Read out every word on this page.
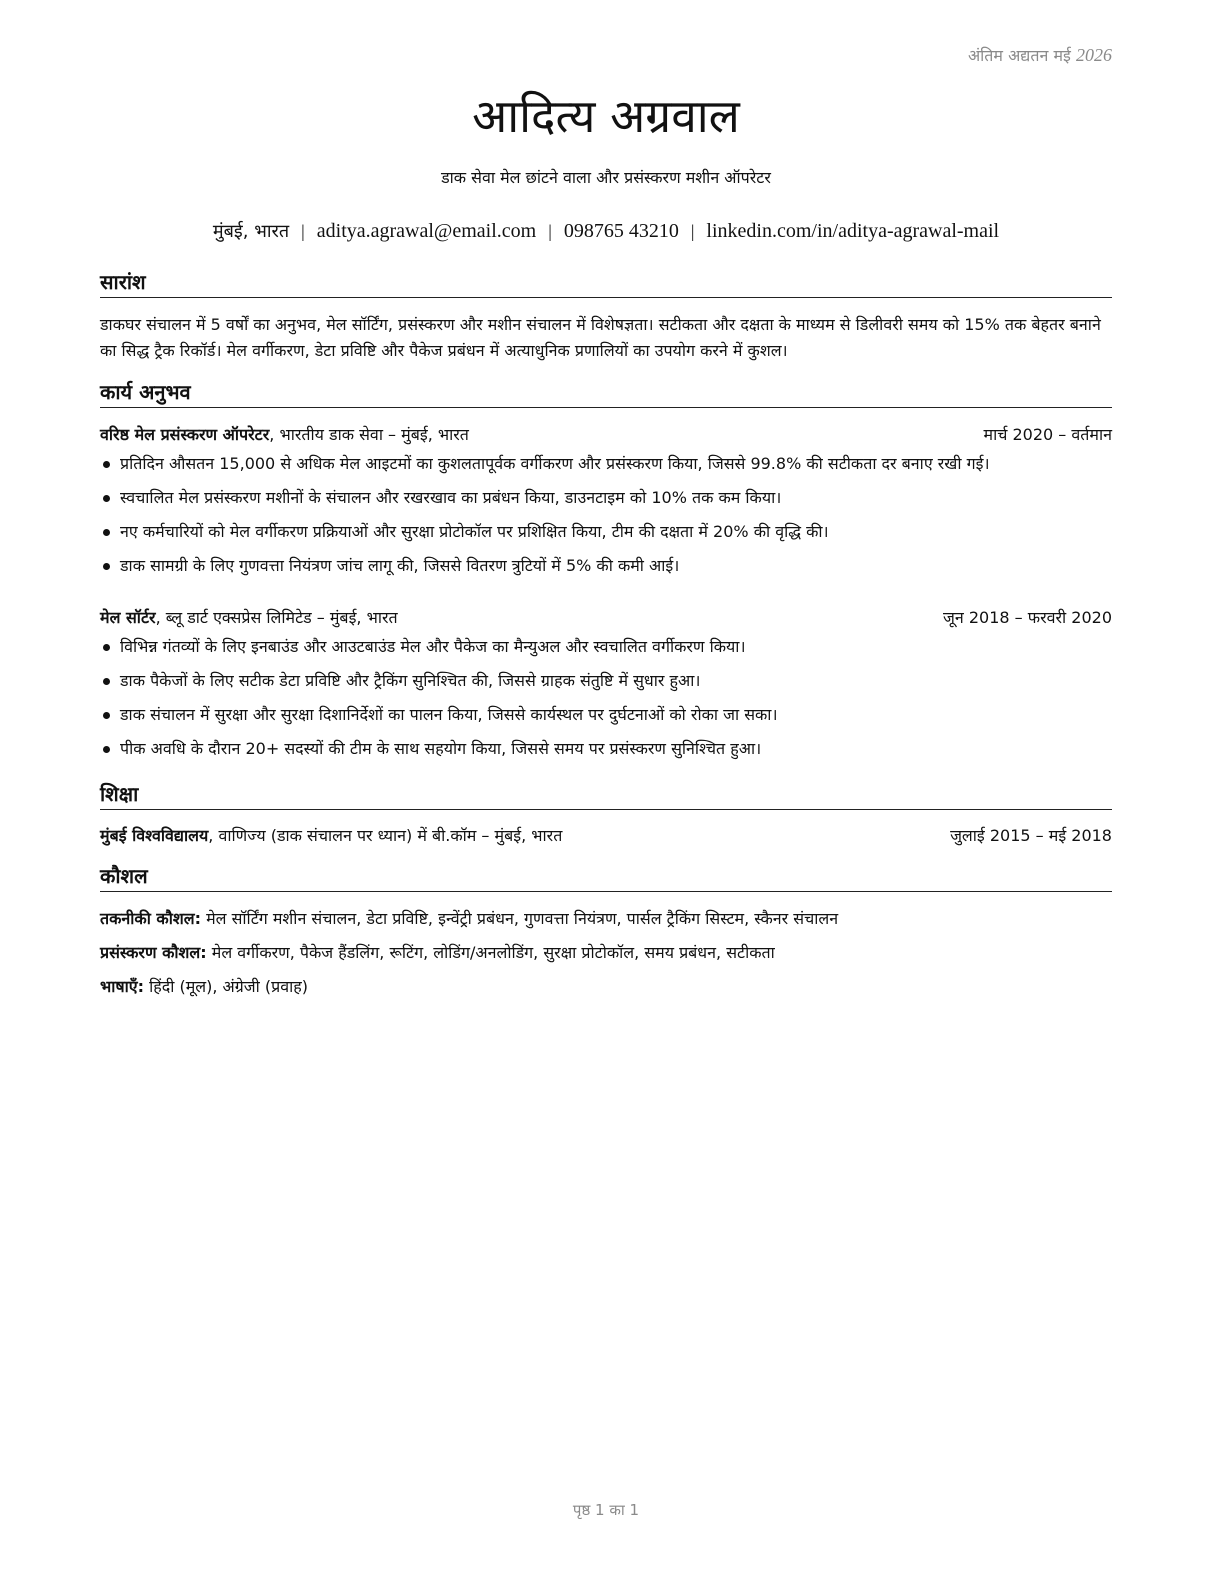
अंतिम अद्यतन मई 2026
आदित्य अग्रवाल
डाक सेवा मेल छांटने वाला और प्रसंस्करण मशीन ऑपरेटर
मुंबई, भारत | aditya.agrawal@email.com | 098765 43210 | linkedin.com/in/aditya-agrawal-mail
सारांश
डाकघर संचालन में 5 वर्षों का अनुभव, मेल सॉर्टिंग, प्रसंस्करण और मशीन संचालन में विशेषज्ञता। सटीकता और दक्षता के माध्यम से डिलीवरी समय को 15% तक बेहतर बनाने का सिद्ध ट्रैक रिकॉर्ड। मेल वर्गीकरण, डेटा प्रविष्टि और पैकेज प्रबंधन में अत्याधुनिक प्रणालियों का उपयोग करने में कुशल।
कार्य अनुभव
वरिष्ठ मेल प्रसंस्करण ऑपरेटर, भारतीय डाक सेवा – मुंबई, भारत	मार्च 2020 – वर्तमान
प्रतिदिन औसतन 15,000 से अधिक मेल आइटमों का कुशलतापूर्वक वर्गीकरण और प्रसंस्करण किया, जिससे 99.8% की सटीकता दर बनाए रखी गई।
स्वचालित मेल प्रसंस्करण मशीनों के संचालन और रखरखाव का प्रबंधन किया, डाउनटाइम को 10% तक कम किया।
नए कर्मचारियों को मेल वर्गीकरण प्रक्रियाओं और सुरक्षा प्रोटोकॉल पर प्रशिक्षित किया, टीम की दक्षता में 20% की वृद्धि की।
डाक सामग्री के लिए गुणवत्ता नियंत्रण जांच लागू की, जिससे वितरण त्रुटियों में 5% की कमी आई।
मेल सॉर्टर, ब्लू डार्ट एक्सप्रेस लिमिटेड – मुंबई, भारत	जून 2018 – फरवरी 2020
विभिन्न गंतव्यों के लिए इनबाउंड और आउटबाउंड मेल और पैकेज का मैन्युअल और स्वचालित वर्गीकरण किया।
डाक पैकेजों के लिए सटीक डेटा प्रविष्टि और ट्रैकिंग सुनिश्चित की, जिससे ग्राहक संतुष्टि में सुधार हुआ।
डाक संचालन में सुरक्षा और सुरक्षा दिशानिर्देशों का पालन किया, जिससे कार्यस्थल पर दुर्घटनाओं को रोका जा सका।
पीक अवधि के दौरान 20+ सदस्यों की टीम के साथ सहयोग किया, जिससे समय पर प्रसंस्करण सुनिश्चित हुआ।
शिक्षा
मुंबई विश्वविद्यालय, वाणिज्य (डाक संचालन पर ध्यान) में बी.कॉम – मुंबई, भारत	जुलाई 2015 – मई 2018
कौशल
तकनीकी कौशल: मेल सॉर्टिंग मशीन संचालन, डेटा प्रविष्टि, इन्वेंट्री प्रबंधन, गुणवत्ता नियंत्रण, पार्सल ट्रैकिंग सिस्टम, स्कैनर संचालन
प्रसंस्करण कौशल: मेल वर्गीकरण, पैकेज हैंडलिंग, रूटिंग, लोडिंग/अनलोडिंग, सुरक्षा प्रोटोकॉल, समय प्रबंधन, सटीकता
भाषाएँ: हिंदी (मूल), अंग्रेजी (प्रवाह)
पृष्ठ 1 का 1
